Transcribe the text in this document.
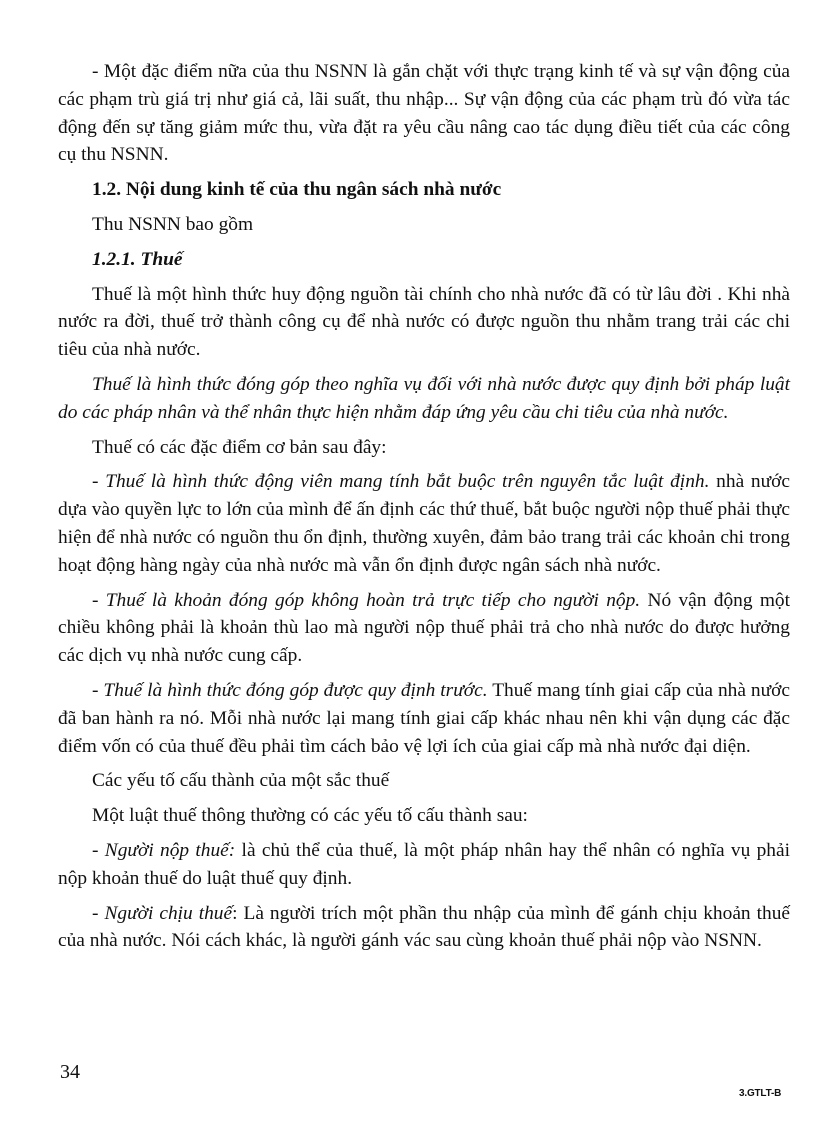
- Một đặc điểm nữa của thu NSNN là gắn chặt với thực trạng kinh tế và sự vận động của các phạm trù giá trị như giá cả, lãi suất, thu nhập... Sự vận động của các phạm trù đó vừa tác động đến sự tăng giảm mức thu, vừa đặt ra yêu cầu nâng cao tác dụng điều tiết của các công cụ thu NSNN.

1.2. Nội dung kinh tế của thu ngân sách nhà nước

Thu NSNN bao gồm

1.2.1. Thuế

Thuế là một hình thức huy động nguồn tài chính cho nhà nước đã có từ lâu đời . Khi nhà nước ra đời, thuế trở thành công cụ để nhà nước có được nguồn thu nhằm trang trải các chi tiêu của nhà nước.

Thuế là hình thức đóng góp theo nghĩa vụ đối với nhà nước được quy định bởi pháp luật do các pháp nhân và thể nhân thực hiện nhằm đáp ứng yêu cầu chi tiêu của nhà nước.

Thuế có các đặc điểm cơ bản sau đây:

- Thuế là hình thức động viên mang tính bắt buộc trên nguyên tắc luật định. nhà nước dựa vào quyền lực to lớn của mình để ấn định các thứ thuế, bắt buộc người nộp thuế phải thực hiện để nhà nước có nguồn thu ổn định, thường xuyên, đảm bảo trang trải các khoản chi trong hoạt động hàng ngày của nhà nước mà vẫn ổn định được ngân sách nhà nước.

- Thuế là khoản đóng góp không hoàn trả trực tiếp cho người nộp. Nó vận động một chiều không phải là khoản thù lao mà người nộp thuế phải trả cho nhà nước do được hưởng các dịch vụ nhà nước cung cấp.

- Thuế là hình thức đóng góp được quy định trước. Thuế mang tính giai cấp của nhà nước đã ban hành ra nó. Mỗi nhà nước lại mang tính giai cấp khác nhau nên khi vận dụng các đặc điểm vốn có của thuế đều phải tìm cách bảo vệ lợi ích của giai cấp mà nhà nước đại diện.

Các yếu tố cấu thành của một sắc thuế

Một luật thuế thông thường có các yếu tố cấu thành sau:

- Người nộp thuế: là chủ thể của thuế, là một pháp nhân hay thể nhân có nghĩa vụ phải nộp khoản thuế do luật thuế quy định.

- Người chịu thuế: Là người trích một phần thu nhập của mình để gánh chịu khoản thuế của nhà nước. Nói cách khác, là người gánh vác sau cùng khoản thuế phải nộp vào NSNN.

34
3.GTLT-B
